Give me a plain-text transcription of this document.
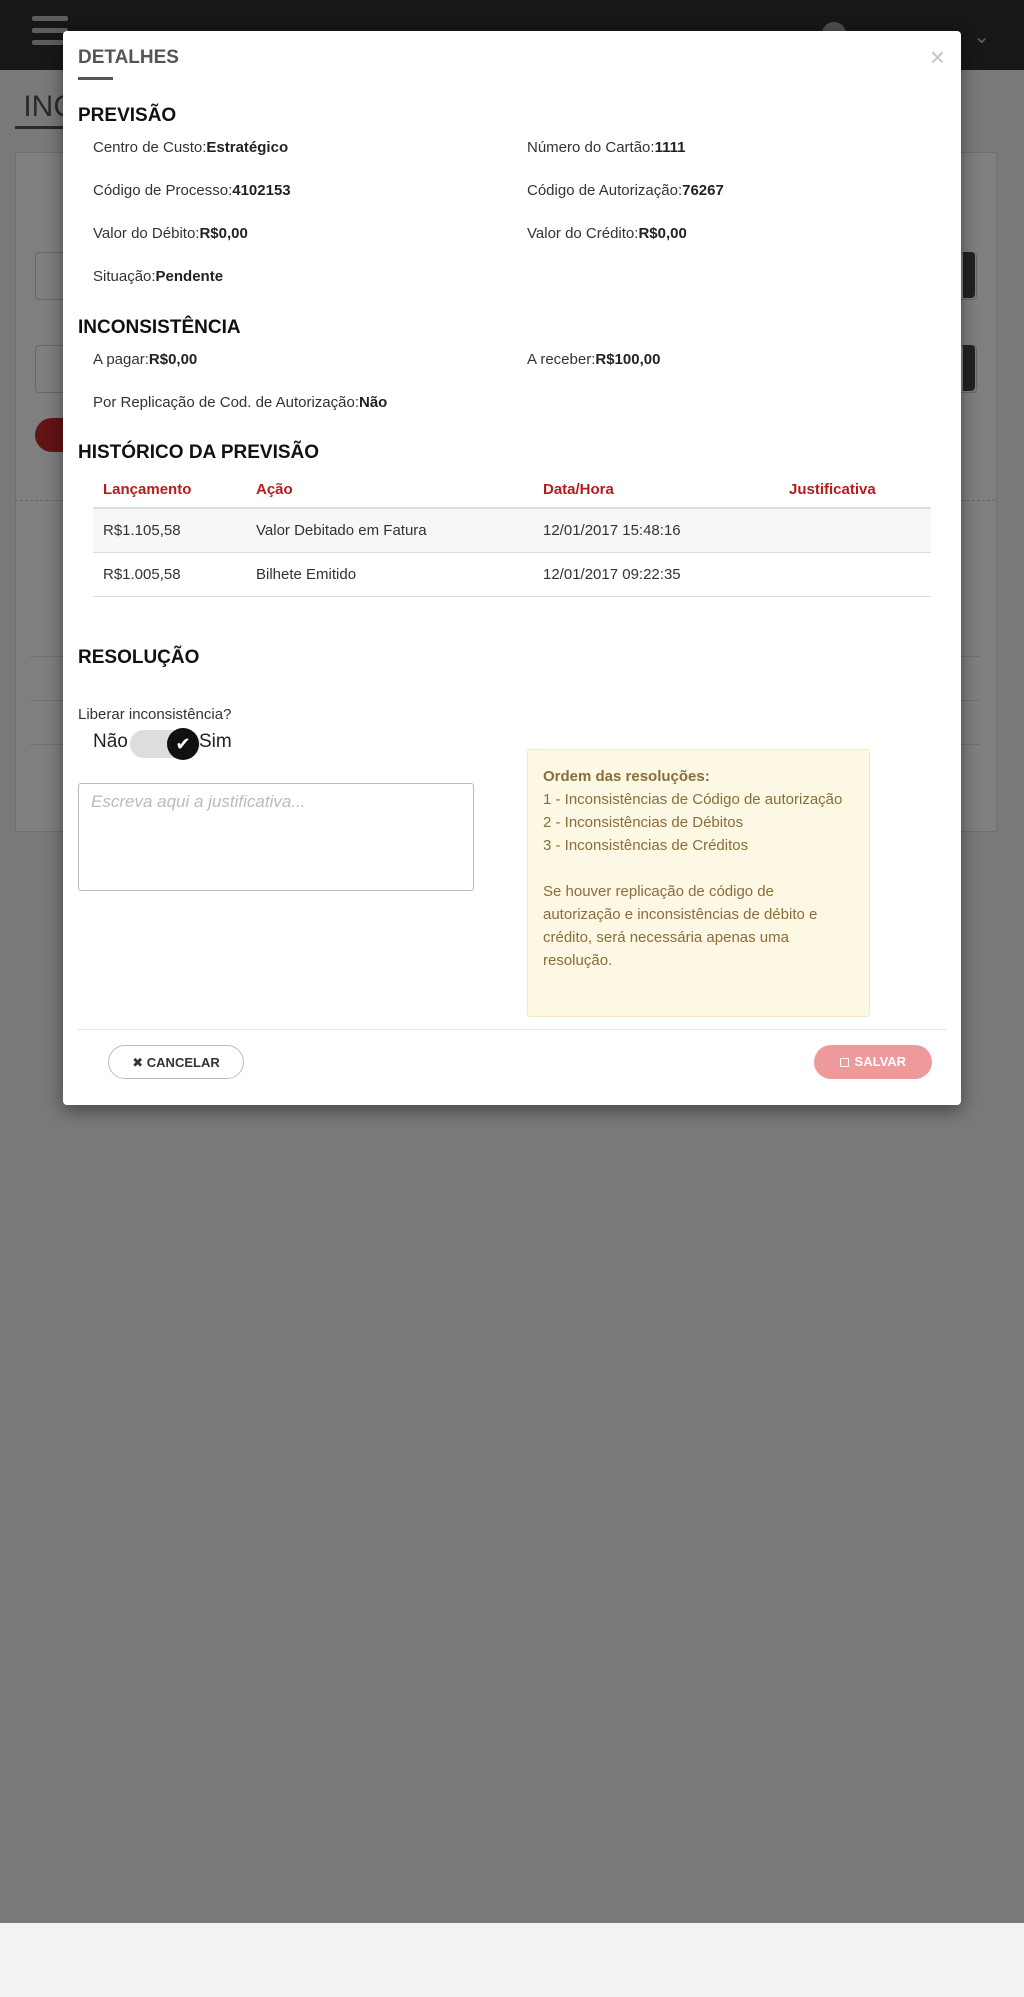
DETALHES	×
PREVISÃO
Centro de Custo:Estratégico	Número do Cartão:1111
Código de Processo:4102153	Código de Autorização:76267
Valor do Débito:R$0,00	Valor do Crédito:R$0,00
Situação:Pendente
INCONSISTÊNCIA
A pagar:R$0,00	A receber:R$100,00
Por Replicação de Cod. de Autorização:Não
HISTÓRICO DA PREVISÃO
Lançamento	Ação	Data/Hora	Justificativa
R$1.105,58	Valor Debitado em Fatura	12/01/2017 15:48:16	
R$1.005,58	Bilhete Emitido	12/01/2017 09:22:35	
RESOLUÇÃO
Liberar inconsistência?
Não	✔ Sim
Escreva aqui a justificativa...
Ordem das resoluções:
1 - Inconsistências de Código de autorização
2 - Inconsistências de Débitos
3 - Inconsistências de Créditos
Se houver replicação de código de autorização e inconsistências de débito e crédito, será necessária apenas uma resolução.
✖ CANCELAR	SALVAR
